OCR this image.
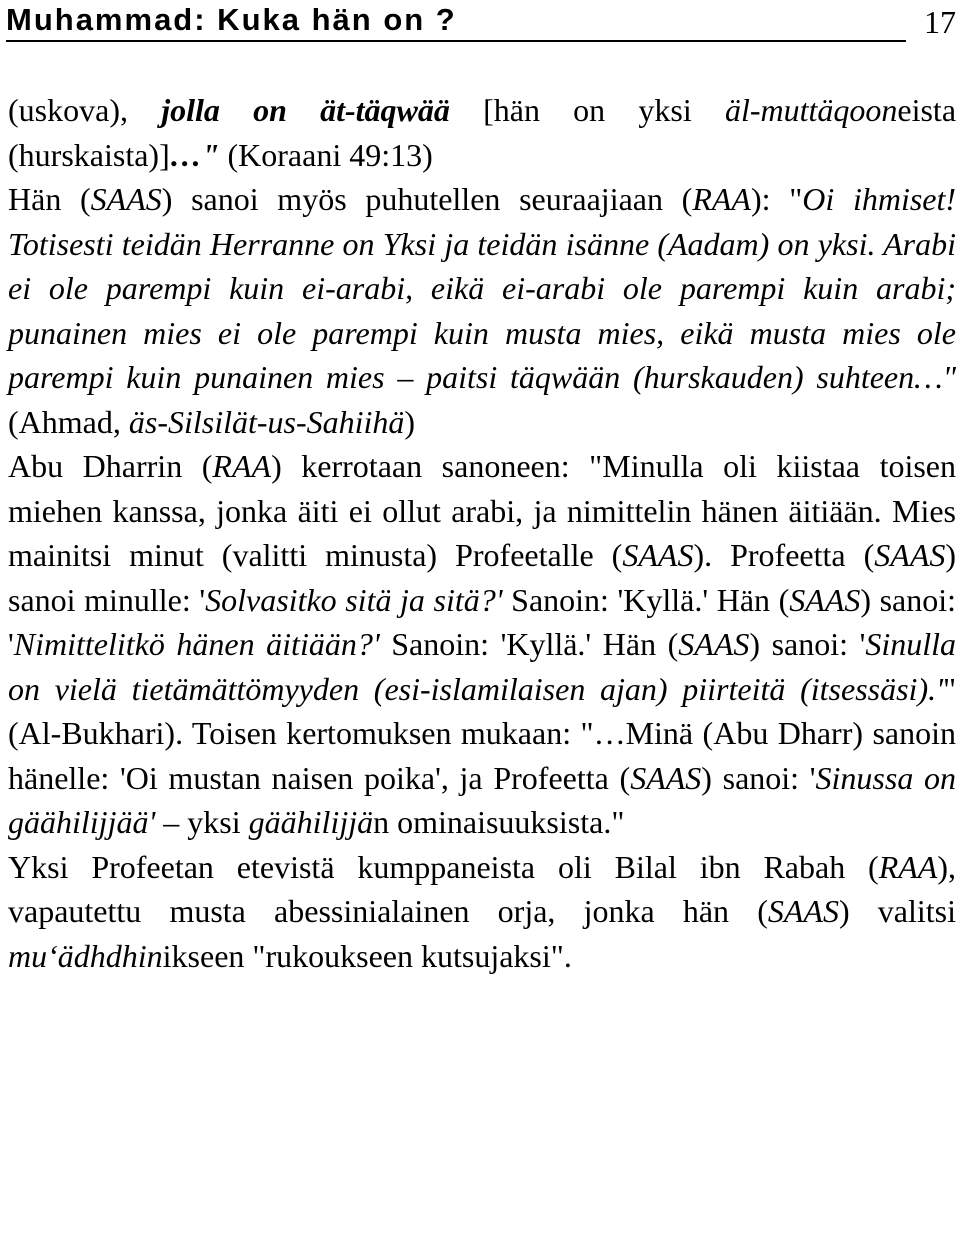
Muhammad: Kuka hän on ?	17

(uskova), jolla on ät-täqwää [hän on yksi äl-muttäqooneista (hurskaista)]…" (Koraani 49:13)

Hän (SAAS) sanoi myös puhutellen seuraajiaan (RAA): "Oi ihmiset! Totisesti teidän Herranne on Yksi ja teidän isänne (Aadam) on yksi. Arabi ei ole parempi kuin ei-arabi, eikä ei-arabi ole parempi kuin arabi; punainen mies ei ole parempi kuin musta mies, eikä musta mies ole parempi kuin punainen mies – paitsi täqwään (hurskauden) suhteen…" (Ahmad, äs-Silsilät-us-Sahiihä)

Abu Dharrin (RAA) kerrotaan sanoneen: "Minulla oli kiistaa toisen miehen kanssa, jonka äiti ei ollut arabi, ja nimittelin hänen äitiään. Mies mainitsi minut (valitti minusta) Profeetalle (SAAS). Profeetta (SAAS) sanoi minulle: 'Solvasitko sitä ja sitä?' Sanoin: 'Kyllä.' Hän (SAAS) sanoi: 'Nimittelitkö hänen äitiään?' Sanoin: 'Kyllä.' Hän (SAAS) sanoi: 'Sinulla on vielä tietämättömyyden (esi-islamilaisen ajan) piirteitä (itsessäsi).'" (Al-Bukhari). Toisen kertomuksen mukaan: "…Minä (Abu Dharr) sanoin hänelle: 'Oi mustan naisen poika', ja Profeetta (SAAS) sanoi: 'Sinussa on gäähilijjää' – yksi gäähilijjän ominaisuuksista."

Yksi Profeetan etevistä kumppaneista oli Bilal ibn Rabah (RAA), vapautettu musta abessinialainen orja, jonka hän (SAAS) valitsi mu‘ädhdhinikseen "rukoukseen kutsujaksi".
